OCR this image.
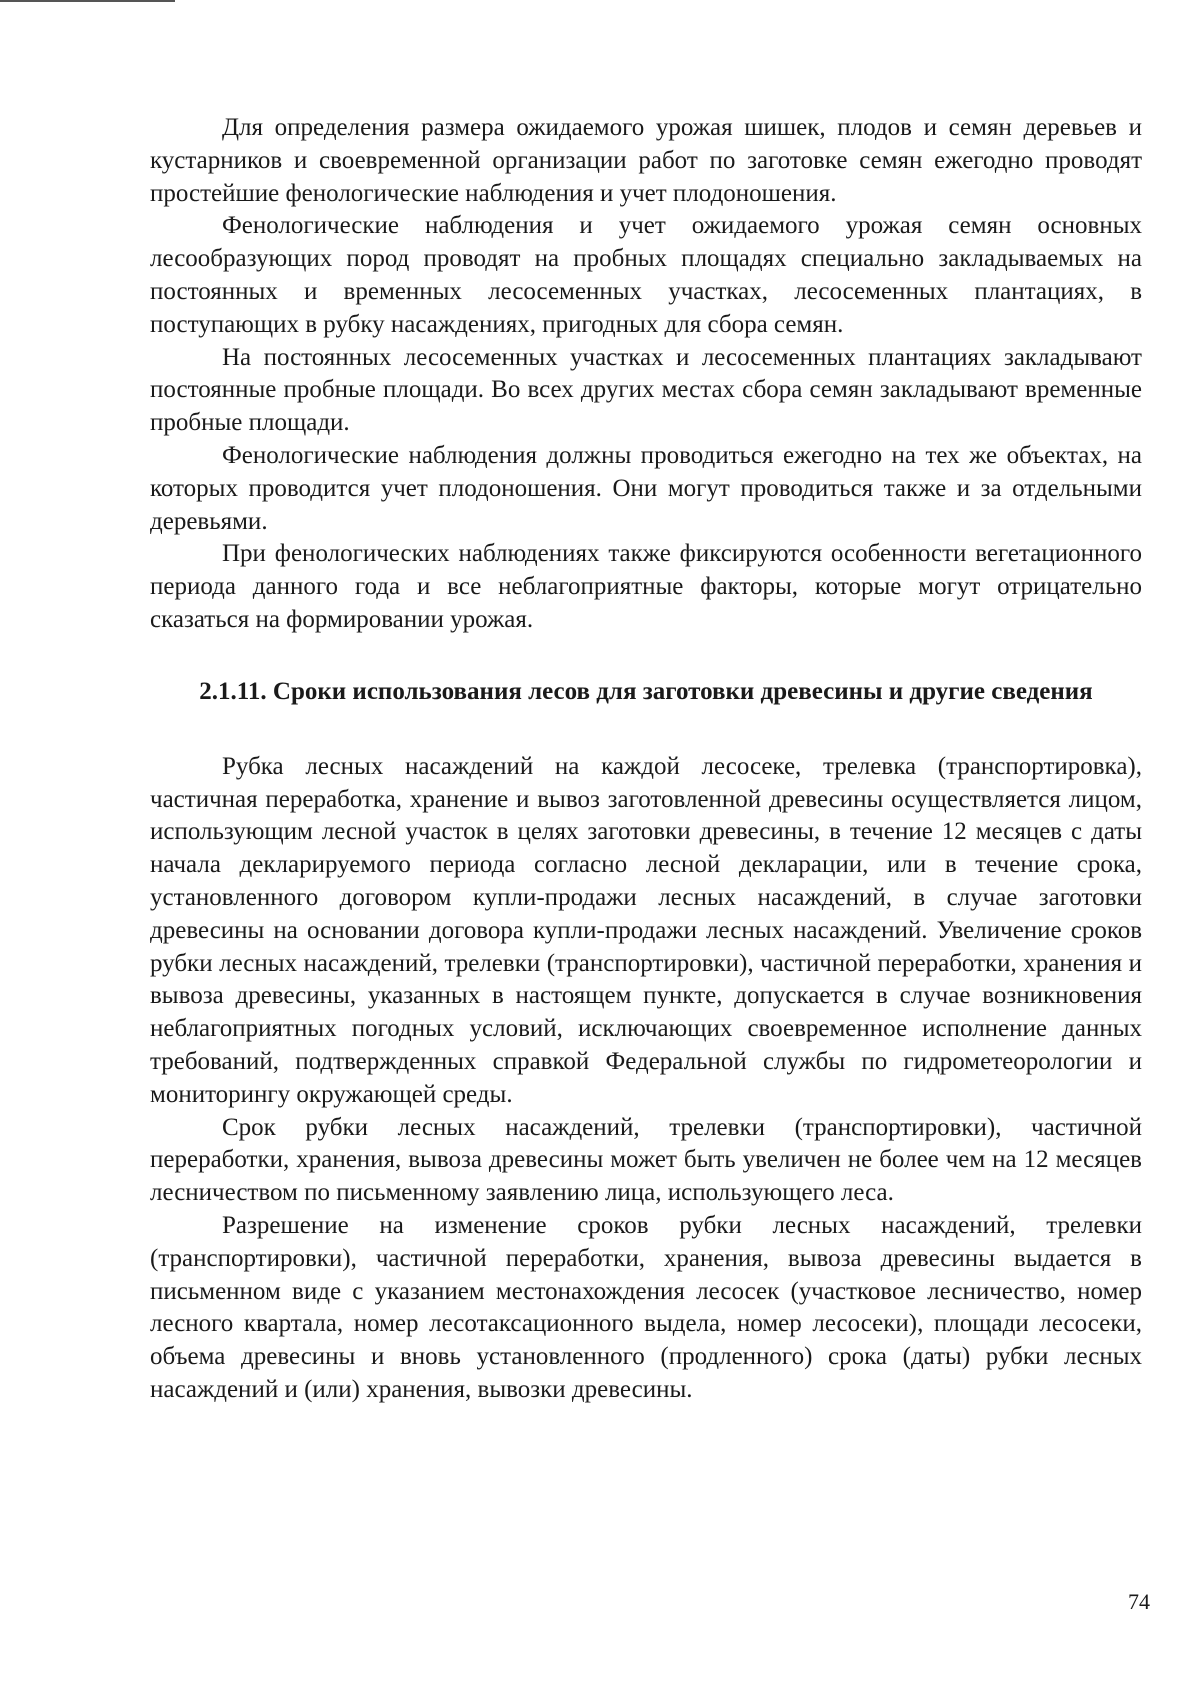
Для определения размера ожидаемого урожая шишек, плодов и семян деревьев и кустарников и своевременной организации работ по заготовке семян ежегодно проводят простейшие фенологические наблюдения и учет плодоношения.

Фенологические наблюдения и учет ожидаемого урожая семян основных лесообразующих пород проводят на пробных площадях специально закладываемых на постоянных и временных лесосеменных участках, лесосеменных плантациях, в поступающих в рубку насаждениях, пригодных для сбора семян.

На постоянных лесосеменных участках и лесосеменных плантациях закладывают постоянные пробные площади. Во всех других местах сбора семян закладывают временные пробные площади.

Фенологические наблюдения должны проводиться ежегодно на тех же объектах, на которых проводится учет плодоношения. Они могут проводиться также и за отдельными деревьями.

При фенологических наблюдениях также фиксируются особенности вегетационного периода данного года и все неблагоприятные факторы, которые могут отрицательно сказаться на формировании урожая.

2.1.11. Сроки использования лесов для заготовки древесины и другие сведения

Рубка лесных насаждений на каждой лесосеке, трелевка (транспортировка), частичная переработка, хранение и вывоз заготовленной древесины осуществляется лицом, использующим лесной участок в целях заготовки древесины, в течение 12 месяцев с даты начала декларируемого периода согласно лесной декларации, или в течение срока, установленного договором купли-продажи лесных насаждений, в случае заготовки древесины на основании договора купли-продажи лесных насаждений. Увеличение сроков рубки лесных насаждений, трелевки (транспортировки), частичной переработки, хранения и вывоза древесины, указанных в настоящем пункте, допускается в случае возникновения неблагоприятных погодных условий, исключающих своевременное исполнение данных требований, подтвержденных справкой Федеральной службы по гидрометеорологии и мониторингу окружающей среды.

Срок рубки лесных насаждений, трелевки (транспортировки), частичной переработки, хранения, вывоза древесины может быть увеличен не более чем на 12 месяцев лесничеством по письменному заявлению лица, использующего леса.

Разрешение на изменение сроков рубки лесных насаждений, трелевки (транспортировки), частичной переработки, хранения, вывоза древесины выдается в письменном виде с указанием местонахождения лесосек (участковое лесничество, номер лесного квартала, номер лесотаксационного выдела, номер лесосеки), площади лесосеки, объема древесины и вновь установленного (продленного) срока (даты) рубки лесных насаждений и (или) хранения, вывозки древесины.

74
